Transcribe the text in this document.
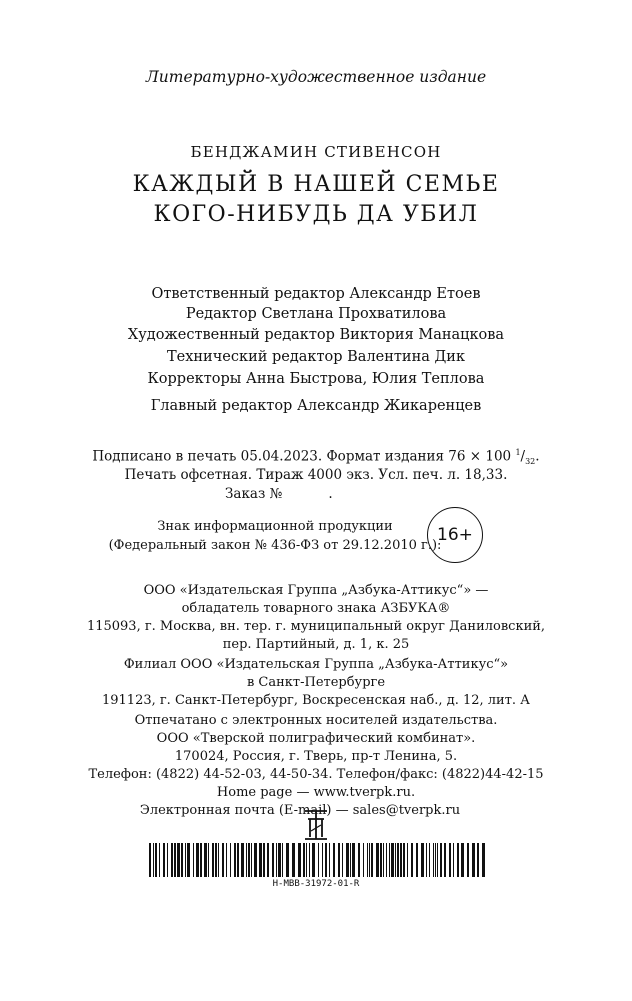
Литературно-художественное издание
БЕНДЖАМИН СТИВЕНСОН
КАЖДЫЙ В НАШЕЙ СЕМЬЕ
КОГО-НИБУДЬ ДА УБИЛ
Ответственный редактор Александр Етоев
Редактор Светлана Прохватилова
Художественный редактор Виктория Манацкова
Технический редактор Валентина Дик
Корректоры Анна Быстрова, Юлия Теплова
Главный редактор Александр Жикаренцев
Подписано в печать 05.04.2023. Формат издания 76 × 100 $^1/_{32}$.
Печать офсетная. Тираж 4000 экз. Усл. печ. л. 18,33.
Заказ №	.
Знак информационной продукции
(Федеральный закон № 436-ФЗ от 29.12.2010 г.):
16+
ООО «Издательская Группа „Азбука-Аттикус“» —
обладатель товарного знака АЗБУКА®
115093, г. Москва, вн. тер. г. муниципальный округ Даниловский,
пер. Партийный, д. 1, к. 25
Филиал ООО «Издательская Группа „Азбука-Аттикус“»
в Санкт-Петербурге
191123, г. Санкт-Петербург, Воскресенская наб., д. 12, лит. А
Отпечатано с электронных носителей издательства.
ООО «Тверской полиграфический комбинат».
170024, Россия, г. Тверь, пр-т Ленина, 5.
Телефон: (4822) 44-52-03, 44-50-34. Телефон/факс: (4822)44-42-15
Home page — www.tverpk.ru.
Электронная почта (E-mail) — sales@tverpk.ru
Н-МВВ-31972-01-R
